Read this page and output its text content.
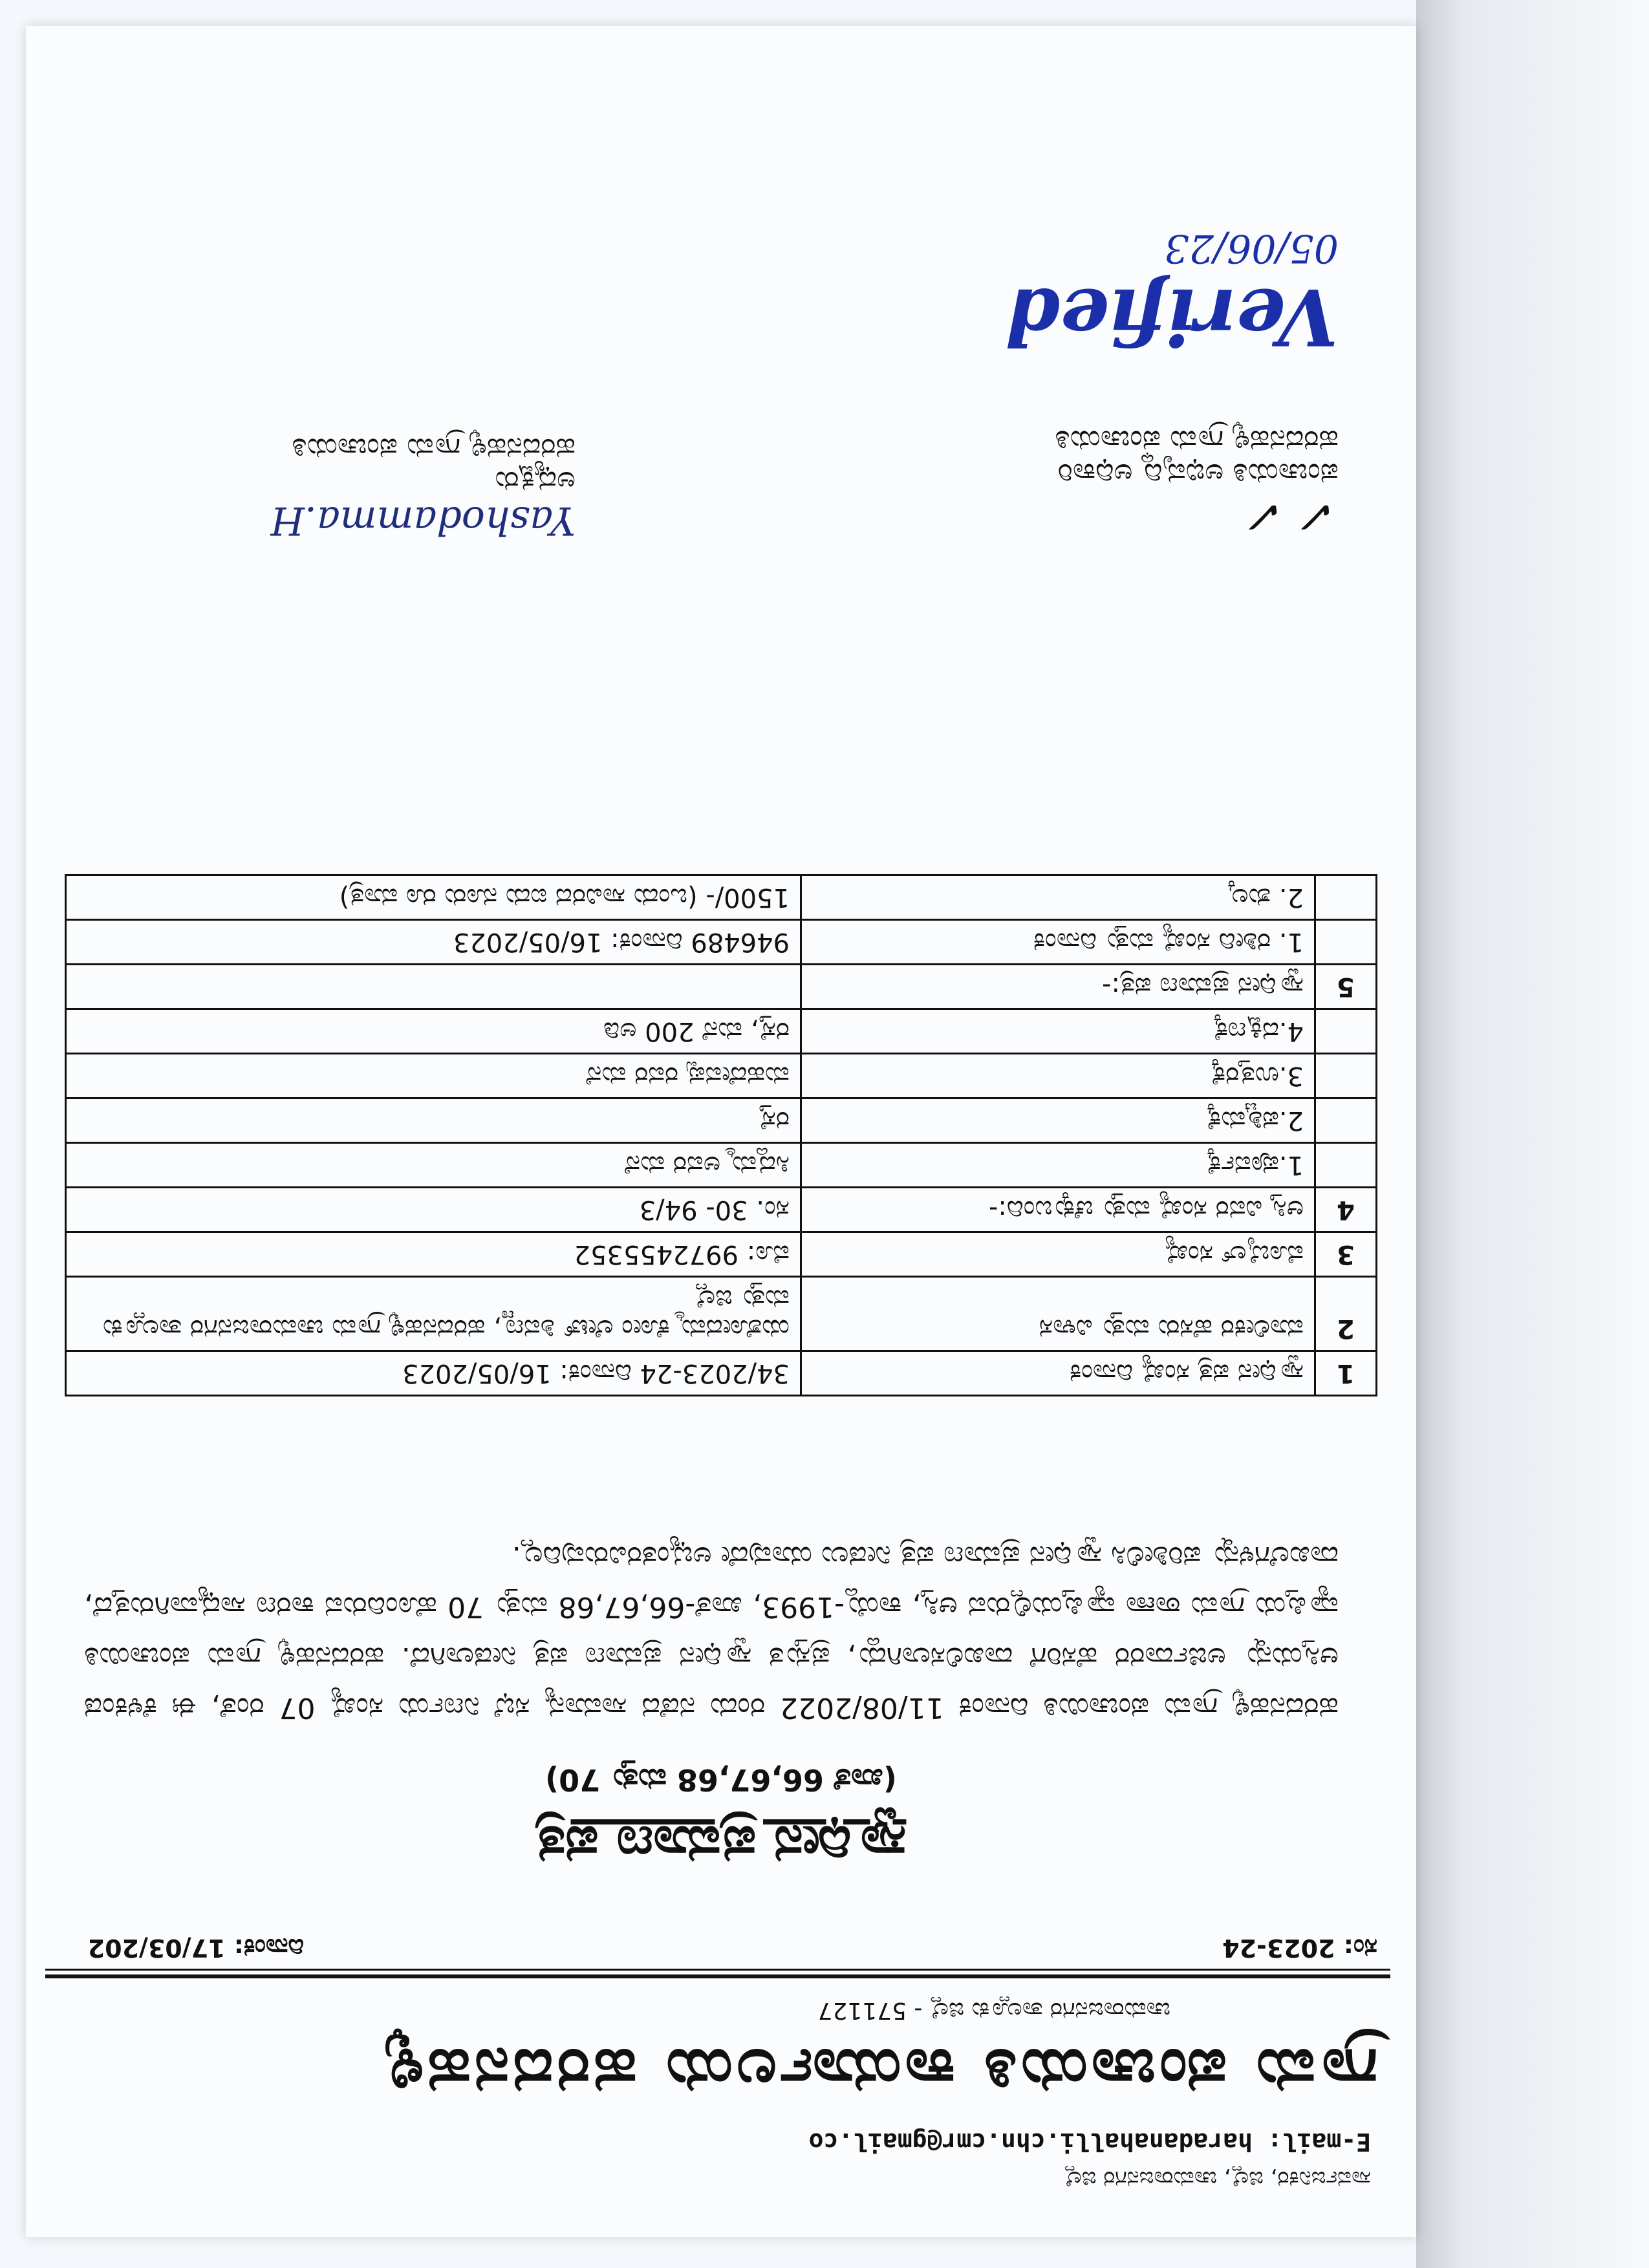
ಸಾರ್ವಜನಿಕರ, ಜಿಲ್ಲೆ, ಚಾಮರಾಜನಗರ ಜಿಲ್ಲೆ
E-mail: haradanahalli.chn.cmr@gmail.co
ಗ್ರಾಮ ಪಂಚಾಯತಿ ಕಾರ್ಯಾಲಯ ಹರದನಹಳ್ಳಿ
ಚಾಮರಾಜನಗರ ತಾಲ್ಲೂಕು ಜಿಲ್ಲೆ - 571127
ಸಂ: 2023-24
ದಿನಾಂಕ: 17/03/202
ಸ್ವಾಧೀನ ಪ್ರಮಾಣ ಪತ್ರ
(ಖಾತೆ 66,67,68 ಮತ್ತು 70)
ಹರದನಹಳ್ಳಿ ಗ್ರಾಮ ಪಂಚಾಯಿತಿ ದಿನಾಂಕ 11/08/2022 ರಂದು ನಡೆದ ಸಾಮಾನ್ಯ ಸಭೆ ನಿರ್ಣಯ ಸಂಖ್ಯೆ 07 ರಂತೆ, ಈ ಕೆಳಕಂಡ ಆಸ್ತಿಯನ್ನು ಅರ್ಜಿದಾರರ ಹೆಸರಿಗೆ ದಾಖಲಿಸಲಾಗಿದ್ದು, ಪ್ರಸ್ತುತ ಸ್ವಾಧೀನ ಪ್ರಮಾಣ ಪತ್ರ ನೀಡಲಾಗಿದೆ. ಹರದನಹಳ್ಳಿ ಗ್ರಾಮ ಪಂಚಾಯಿತಿ ವ್ಯಾಪ್ತಿಯ ಗ್ರಾಮ ಠಾಣಾ ವ್ಯಾಪ್ತಿಯಲ್ಲಿರುವ ಆಸ್ತಿ, ಕಾಯ್ದೆ-1993, ಖಾತೆ-66,67,68 ಮತ್ತು 70 ಹೊಂದಿರುವ ಕಾರಣ ಸಾಧ್ಯವಾಗಿರುತ್ತದೆ, ದಾಖಲೆಗಳನ್ನು ಪರಿಶೀಲಿಸಿ ಸ್ವಾಧೀನ ಪ್ರಮಾಣ ಪತ್ರ ನೀಡಲು ಯಾವುದೇ ಅಭ್ಯಂತರವಿರುವುದಿಲ್ಲ.
1	ಸ್ವಾಧೀನ ಪತ್ರ ಸಂಖ್ಯೆ ದಿನಾಂಕ	34/2023-24 ದಿನಾಂಕ: 16/05/2023
2	ಮಾಲೀಕರ ಹೆಸರು ಮತ್ತು ವಿಳಾಸ	ಯಶೋದಮ್ಮ ಕೋಂ ಲೇಟ್ ಶಿವಣ್ಣ, ಹರದನಹಳ್ಳಿ ಗ್ರಾಮ ಚಾಮರಾಜನಗರ ತಾಲ್ಲೂಕು ಮತ್ತು ಜಿಲ್ಲೆ
3	ಮೊಬೈಲ್ ಸಂಖ್ಯೆ	ಮೊ: 9972455352
4	ಆಸ್ತಿ ವಿವರ ಸಂಖ್ಯೆ ಮತ್ತು ಚೆಕ್ಕುಬಂದಿ:-	ಸಂ. 30- 94/3
	1.ಪೂರ್ವಕ್ಕೆ	ಸಿದ್ದಮ್ಮ ಅವರ ಮನೆ
	2.ಪಶ್ಚಿಮಕ್ಕೆ	ರಸ್ತೆ
	3.ಉತ್ತರಕ್ಕೆ	ಮಹದೇವಪ್ಪ ರವರ ಮನೆ
	4.ದಕ್ಷಿಣಕ್ಕೆ	ರಸ್ತೆ, ಮನೆ 200 ಅಡಿ
5	ಸ್ವಾಧೀನ ಪ್ರಮಾಣ ಪತ್ರ:-	
	1. ರಶೀದಿ ಸಂಖ್ಯೆ ಮತ್ತು ದಿನಾಂಕ	946489 ದಿನಾಂಕ: 16/05/2023
	2. ಶುಲ್ಕ	1500/- (ಒಂದು ಸಾವಿರದ ಐದು ನೂರು ರೂ ಮಾತ್ರ)
Yashodamma.H
ಅಧ್ಯಕ್ಷರು
ಹರದನಹಳ್ಳಿ ಗ್ರಾಮ ಪಂಚಾಯತಿ
✓ ✓
ಪಂಚಾಯತಿ ಅಭಿವೃದ್ಧಿ ಅಧಿಕಾರಿ
ಹರದನಹಳ್ಳಿ ಗ್ರಾಮ ಪಂಚಾಯತಿ
Verified
05/06/23
